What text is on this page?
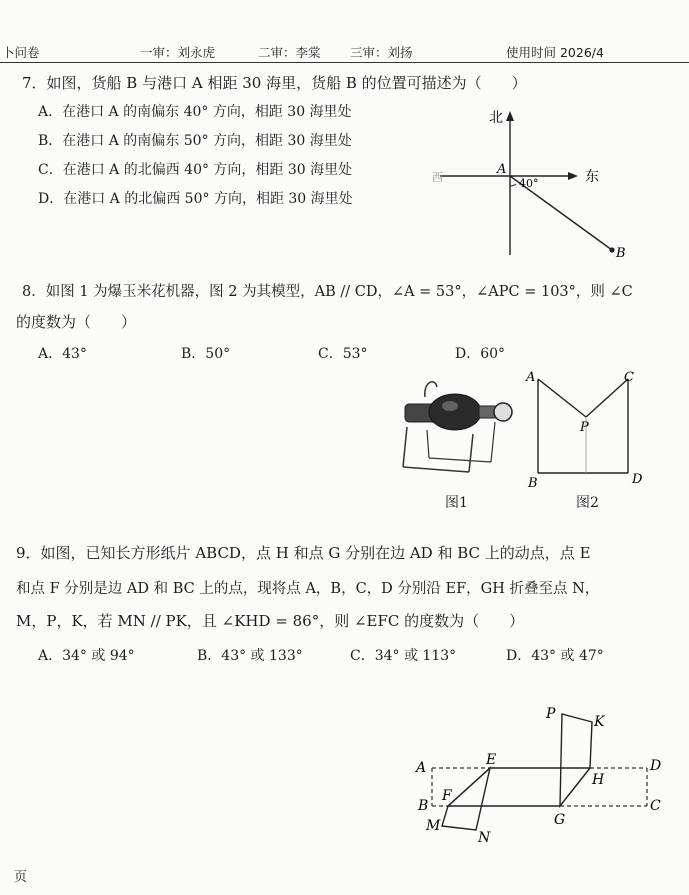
卜问卷	一审：刘永虎	二审：李棠 三审：刘扬	使用时间 2026/4
7．如图，货船 B 与港口 A 相距 30 海里，货船 B 的位置可描述为（　　）
A．在港口 A 的南偏东 40° 方向，相距 30 海里处
B．在港口 A 的南偏东 50° 方向，相距 30 海里处
C．在港口 A 的北偏西 40° 方向，相距 30 海里处
D．在港口 A 的北偏西 50° 方向，相距 30 海里处
北
东
西
A
40°
B
8．如图 1 为爆玉米花机器，图 2 为其模型，AB // CD，∠A = 53°，∠APC = 103°，则 ∠C
的度数为（　　）
A．43°	B．50°	C．53°	D．60°
图1
A	C
P
B	D
图2
9．如图，已知长方形纸片 ABCD，点 H 和点 G 分别在边 AD 和 BC 上的动点，点 E
和点 F 分别是边 AD 和 BC 上的点，现将点 A，B，C，D 分别沿 EF，GH 折叠至点 N，
M，P，K，若 MN // PK，且 ∠KHD = 86°，则 ∠EFC 的度数为（　　）
A．34° 或 94°	B．43° 或 133°	C．34° 或 113°	D．43° 或 47°
A
B	C
D
E
F
G
H
K
M
N
P
页
